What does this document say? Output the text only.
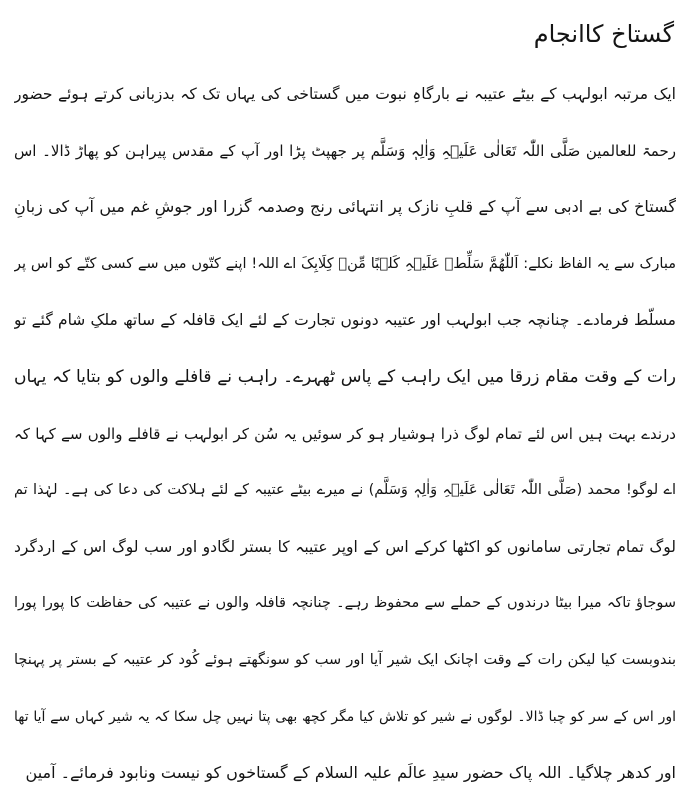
گستاخ کاانجام
ایک مرتبہ ابولہب کے بیٹے عتیبہ نے بارگاہِ نبوت میں گستاخی کی یہاں تک کہ بدزبانی کرتے ہوئے حضور
رحمۃ للعالمین صَلَّی اللّٰہ تَعَالٰی عَلَیۡہِ وَاٰلِہٖ وَسَلَّم پر جھپٹ پڑا اور آپ کے مقدس پیراہن کو پھاڑ ڈالا۔ اس
گستاخ کی بے ادبی سے آپ کے قلبِ نازک پر انتہائی رنج وصدمہ گزرا اور جوشِ غم میں آپ کی زبانِ
مبارک سے یہ الفاظ نکلے: اَللّٰھُمَّ سَلِّطۡ عَلَیۡہِ کَلۡبًا مِّنۡ کِلَابِکَ اے اللہ! اپنے کتّوں میں سے کسی کتّے کو اس پر
مسلّط فرمادے۔ چنانچہ جب ابولہب اور عتیبہ دونوں تجارت کے لئے ایک قافلہ کے ساتھ ملکِ شام گئے تو
رات کے وقت مقام زرقا میں ایک راہب کے پاس ٹھہرے۔ راہب نے قافلے والوں کو بتایا کہ یہاں
درندے بہت ہیں اس لئے تمام لوگ ذرا ہوشیار ہو کر سوئیں یہ سُن کر ابولہب نے قافلے والوں سے کہا کہ
اے لوگو! محمد (صَلَّی اللّٰہ تَعَالٰی عَلَیۡہِ وَاٰلِہٖ وَسَلَّم) نے میرے بیٹے عتیبہ کے لئے ہلاکت کی دعا کی ہے۔ لہٰذا تم
لوگ تمام تجارتی سامانوں کو اکٹھا کرکے اس کے اوپر عتیبہ کا بستر لگادو اور سب لوگ اس کے اردگرد
سوجاؤ تاکہ میرا بیٹا درندوں کے حملے سے محفوظ رہے۔ چنانچہ قافلہ والوں نے عتیبہ کی حفاظت کا پورا پورا
بندوبست کیا لیکن رات کے وقت اچانک ایک شیر آیا اور سب کو سونگھتے ہوئے کُود کر عتیبہ کے بستر پر پہنچا
اور اس کے سر کو چبا ڈالا۔ لوگوں نے شیر کو تلاش کیا مگر کچھ بھی پتا نہیں چل سکا کہ یہ شیر کہاں سے آیا تھا
اور کدھر چلاگیا۔ اللہ پاک حضور سیدِ عالَم علیہ السلام کے گستاخوں کو نیست ونابود فرمائے۔ آمین
